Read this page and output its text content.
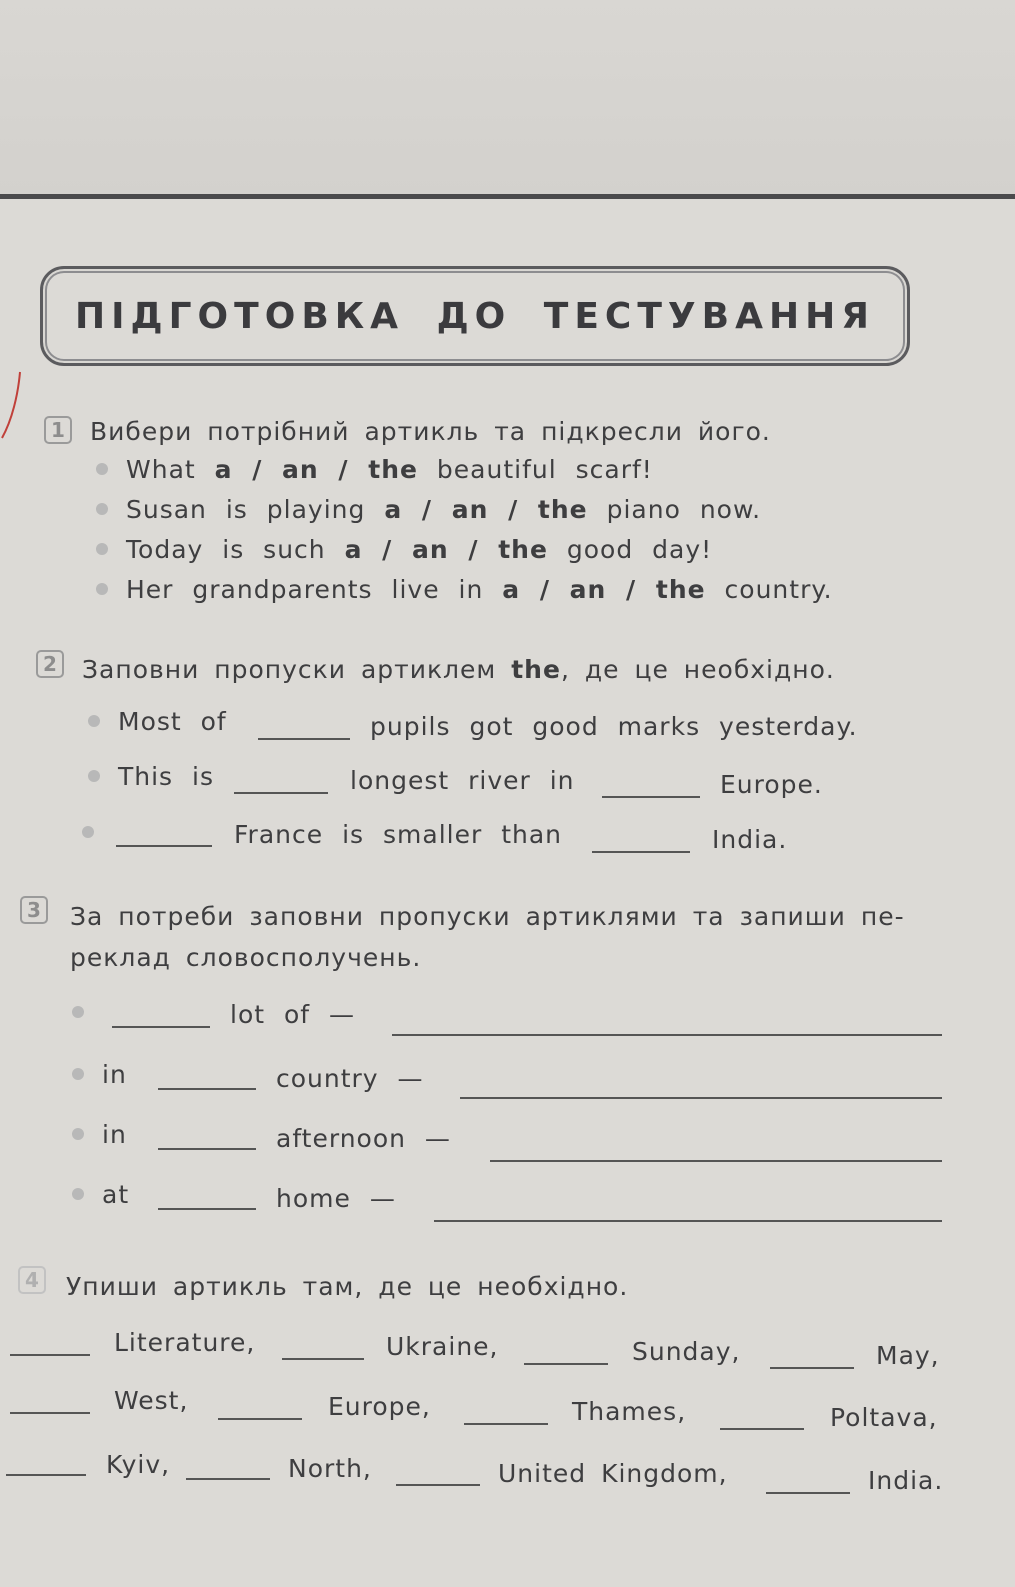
ПІДГОТОВКА ДО ТЕСТУВАННЯ
1 Вибери потрібний артикль та підкресли його.
What a / an / the beautiful scarf!
Susan is playing a / an / the piano now.
Today is such a / an / the good day!
Her grandparents live in a / an / the country.
2 Заповни пропуски артиклем the, де це необхідно.
Most of	pupils got good marks yesterday.
This is	longest river in	Europe.
France is smaller than	India.
3 За потреби заповни пропуски артиклями та запиши пе-
реклад словосполучень.
lot of —
in	country —
in	afternoon —
at	home —
4 Упиши артикль там, де це необхідно.
Literature,	Ukraine,	Sunday,	May,
West,	Europe,	Thames,	Poltava,
Kyiv,	North,	United Kingdom,	India.
